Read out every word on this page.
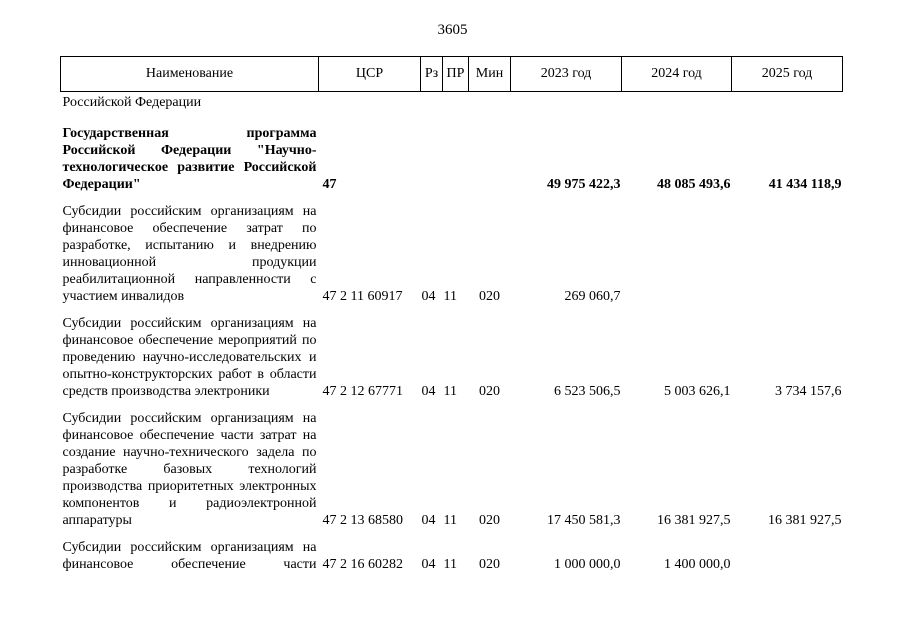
3605
Наименование	ЦСР	Рз	ПР	Мин	2023 год	2024 год	2025 год
Российской Федерации							
Государственная программа Российской Федерации "Научно-технологическое развитие Российской Федерации"	47				49 975 422,3	48 085 493,6	41 434 118,9
Субсидии российским организациям на финансовое обеспечение затрат по разработке, испытанию и внедрению инновационной продукции реабилитационной направленности с участием инвалидов	47 2 11 60917	04	11	020	269 060,7		
Субсидии российским организациям на финансовое обеспечение мероприятий по проведению научно-исследовательских и опытно-конструкторских работ в области средств производства электроники	47 2 12 67771	04	11	020	6 523 506,5	5 003 626,1	3 734 157,6
Субсидии российским организациям на финансовое обеспечение части затрат на создание научно-технического задела по разработке базовых технологий производства приоритетных электронных компонентов и радиоэлектронной аппаратуры	47 2 13 68580	04	11	020	17 450 581,3	16 381 927,5	16 381 927,5
Субсидии российским организациям на финансовое обеспечение части	47 2 16 60282	04	11	020	1 000 000,0	1 400 000,0	
